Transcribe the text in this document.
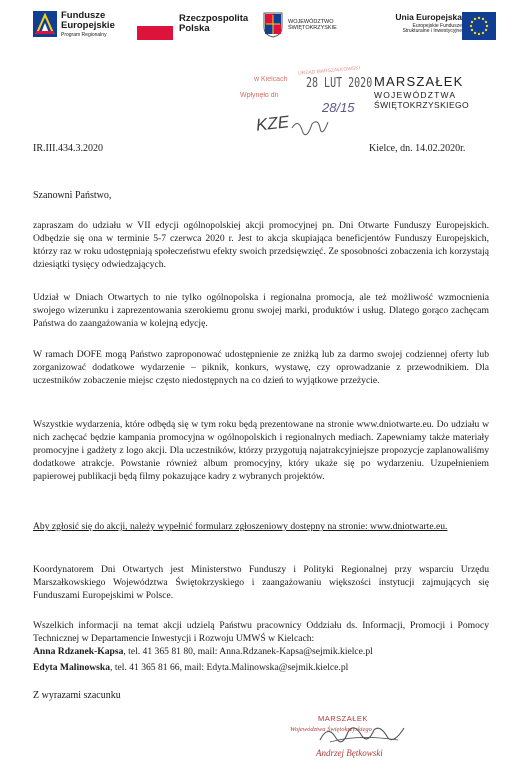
Fundusze
Europejskie
Program Regionalny
Rzeczpospolita
Polska
WOJEWÓDZTWO
ŚWIĘTOKRZYSKIE
Unia Europejska
Europejskie Fundusze
Strukturalne i Inwestycyjne
MARSZAŁEK
WOJEWÓDZTWA
ŚWIĘTOKRZYSKIEGO
URZĄD MARSZAŁKOWSKI
w Kielcach
Wpłynęło dn
28 LUT 2020
28/15
KZE
IR.III.434.3.2020	Kielce, dn. 14.02.2020r.
Szanowni Państwo,

zapraszam do udziału w VII edycji ogólnopolskiej akcji promocyjnej pn. Dni Otwarte Funduszy Europejskich. Odbędzie się ona w terminie 5-7 czerwca 2020 r. Jest to akcja skupiająca beneficjentów Funduszy Europejskich, którzy raz w roku udostępniają społeczeństwu efekty swoich przedsięwzięć. Ze sposobności zobaczenia ich korzystają dziesiątki tysięcy odwiedzających.

Udział w Dniach Otwartych to nie tylko ogólnopolska i regionalna promocja, ale też możliwość wzmocnienia swojego wizerunku i zaprezentowania szerokiemu gronu swojej marki, produktów i usług. Dlatego gorąco zachęcam Państwa do zaangażowania w kolejną edycję.

W ramach DOFE mogą Państwo zaproponować udostępnienie ze zniżką lub za darmo swojej codziennej oferty lub zorganizować dodatkowe wydarzenie – piknik, konkurs, wystawę, czy oprowadzanie z przewodnikiem. Dla uczestników zobaczenie miejsc często niedostępnych na co dzień to wyjątkowe przeżycie.

Wszystkie wydarzenia, które odbędą się w tym roku będą prezentowane na stronie www.dniotwarte.eu. Do udziału w nich zachęcać będzie kampania promocyjna w ogólnopolskich i regionalnych mediach. Zapewniamy także materiały promocyjne i gadżety z logo akcji. Dla uczestników, którzy przygotują najatrakcyjniejsze propozycje zaplanowaliśmy dodatkowe atrakcje. Powstanie również album promocyjny, który ukaże się po wydarzeniu. Uzupełnieniem papierowej publikacji będą filmy pokazujące kadry z wybranych projektów.

Aby zgłosić się do akcji, należy wypełnić formularz zgłoszeniowy dostępny na stronie: www.dniotwarte.eu.

Koordynatorem Dni Otwartych jest Ministerstwo Funduszy i Polityki Regionalnej przy wsparciu Urzędu Marszałkowskiego Województwa Świętokrzyskiego i zaangażowaniu większości instytucji zajmujących się Funduszami Europejskimi w Polsce.

Wszelkich informacji na temat akcji udzielą Państwu pracownicy Oddziału ds. Informacji, Promocji i Pomocy Technicznej w Departamencie Inwestycji i Rozwoju UMWŚ w Kielcach:

Anna Rdzanek-Kapsa, tel. 41 365 81 80, mail: Anna.Rdzanek-Kapsa@sejmik.kielce.pl
Edyta Malinowska, tel. 41 365 81 66, mail: Edyta.Malinowska@sejmik.kielce.pl
Z wyrazami szacunku
MARSZAŁEK
Województwa Świętokrzyskiego
Andrzej Bętkowski
